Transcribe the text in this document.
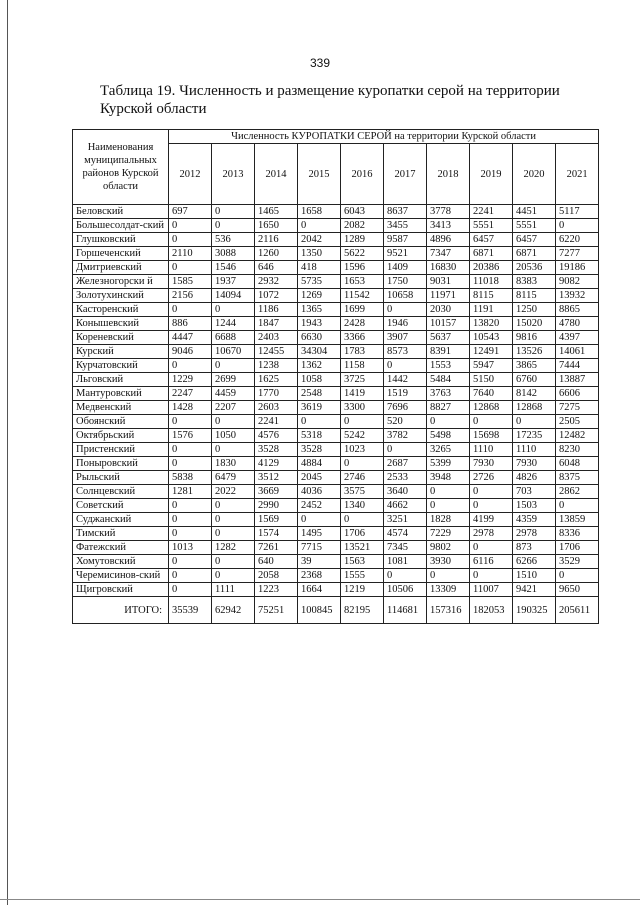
339
Таблица 19. Численность и размещение куропатки серой на территории Курской области
Наименования муниципальных районов Курской области	Численность КУРОПАТКИ СЕРОЙ на территории Курской области									
	2012	2013	2014	2015	2016	2017	2018	2019	2020	2021
Беловский	697	0	1465	1658	6043	8637	3778	2241	4451	5117
Большесолдат-ский	0	0	1650	0	2082	3455	3413	5551	5551	0
Глушковский	0	536	2116	2042	1289	9587	4896	6457	6457	6220
Горшеченский	2110	3088	1260	1350	5622	9521	7347	6871	6871	7277
Дмитриевский	0	1546	646	418	1596	1409	16830	20386	20536	19186
Железногорски й	1585	1937	2932	5735	1653	1750	9031	11018	8383	9082
Золотухинский	2156	14094	1072	1269	11542	10658	11971	8115	8115	13932
Касторенский	0	0	1186	1365	1699	0	2030	1191	1250	8865
Конышевский	886	1244	1847	1943	2428	1946	10157	13820	15020	4780
Кореневский	4447	6688	2403	6630	3366	3907	5637	10543	9816	4397
Курский	9046	10670	12455	34304	1783	8573	8391	12491	13526	14061
Курчатовский	0	0	1238	1362	1158	0	1553	5947	3865	7444
Льговский	1229	2699	1625	1058	3725	1442	5484	5150	6760	13887
Мантуровский	2247	4459	1770	2548	1419	1519	3763	7640	8142	6606
Медвенский	1428	2207	2603	3619	3300	7696	8827	12868	12868	7275
Обоянский	0	0	2241	0	0	520	0	0	0	2505
Октябрьский	1576	1050	4576	5318	5242	3782	5498	15698	17235	12482
Пристенский	0	0	3528	3528	1023	0	3265	1110	1110	8230
Поныровский	0	1830	4129	4884	0	2687	5399	7930	7930	6048
Рыльский	5838	6479	3512	2045	2746	2533	3948	2726	4826	8375
Солнцевский	1281	2022	3669	4036	3575	3640	0	0	703	2862
Советский	0	0	2990	2452	1340	4662	0	0	1503	0
Суджанский	0	0	1569	0	0	3251	1828	4199	4359	13859
Тимский	0	0	1574	1495	1706	4574	7229	2978	2978	8336
Фатежский	1013	1282	7261	7715	13521	7345	9802	0	873	1706
Хомутовский	0	0	640	39	1563	1081	3930	6116	6266	3529
Черемисинов-ский	0	0	2058	2368	1555	0	0	0	1510	0
Щигровский	0	1111	1223	1664	1219	10506	13309	11007	9421	9650
ИТОГО:	35539	62942	75251	100845	82195	114681	157316	182053	190325	205611
